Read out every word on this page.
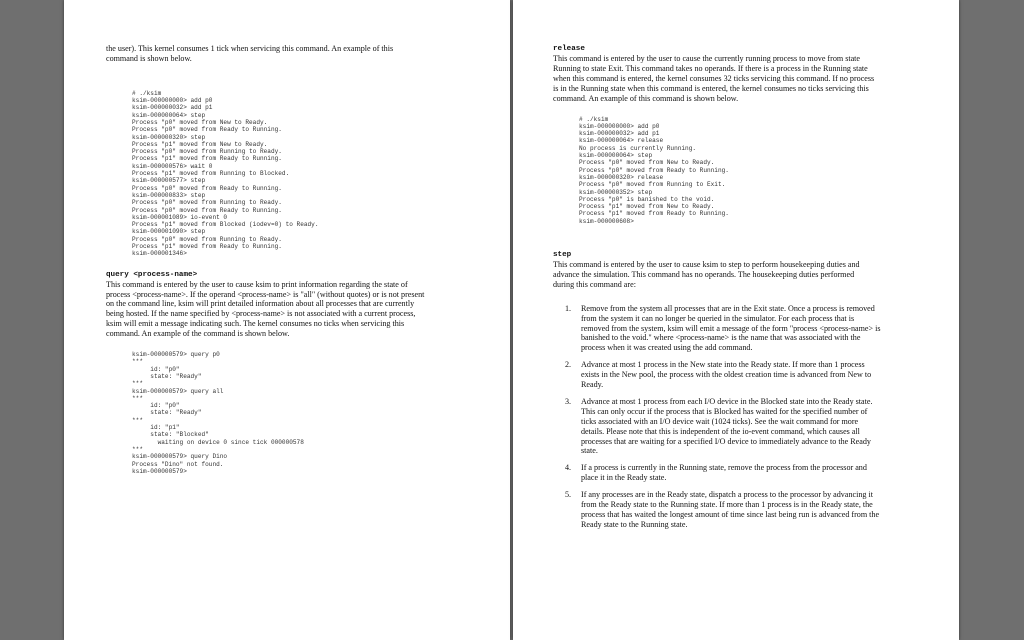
the user). This kernel consumes 1 tick when servicing this command. An example of this

command is shown below.

# ./ksim
ksim-000000000> add p0
ksim-000000032> add p1
ksim-000000064> step
Process "p0" moved from New to Ready.
Process "p0" moved from Ready to Running.
ksim-000000320> step
Process "p1" moved from New to Ready.
Process "p0" moved from Running to Ready.
Process "p1" moved from Ready to Running.
ksim-000000576> wait 0
Process "p1" moved from Running to Blocked.
ksim-000000577> step
Process "p0" moved from Ready to Running.
ksim-000000833> step
Process "p0" moved from Running to Ready.
Process "p0" moved from Ready to Running.
ksim-000001089> io-event 0
Process "p1" moved from Blocked (iodev=0) to Ready.
ksim-000001090> step
Process "p0" moved from Running to Ready.
Process "p1" moved from Ready to Running.
ksim-000001346>

query <process-name>

This command is entered by the user to cause ksim to print information regarding the state of

process <process-name>. If the operand <process-name> is "all" (without quotes) or is not present

on the command line, ksim will print detailed information about all processes that are currently

being hosted. If the name specified by <process-name> is not associated with a current process,

ksim will emit a message indicating such. The kernel consumes no ticks when servicing this

command. An example of the command is shown below.

ksim-000000579> query p0
***
id: "p0"
state: "Ready"
***
ksim-000000579> query all
***
id: "p0"
state: "Ready"
***
id: "p1"
state: "Blocked"
waiting on device 0 since tick 000000578
***
ksim-000000579> query Dino
Process "Dino" not found.
ksim-000000579>

release

This command is entered by the user to cause the currently running process to move from state

Running to state Exit. This command takes no operands. If there is a process in the Running state

when this command is entered, the kernel consumes 32 ticks servicing this command. If no process

is in the Running state when this command is entered, the kernel consumes no ticks servicing this

command. An example of this command is shown below.

# ./ksim
ksim-000000000> add p0
ksim-000000032> add p1
ksim-000000064> release
No process is currently Running.
ksim-000000064> step
Process "p0" moved from New to Ready.
Process "p0" moved from Ready to Running.
ksim-000000320> release
Process "p0" moved from Running to Exit.
ksim-000000352> step
Process "p0" is banished to the void.
Process "p1" moved from New to Ready.
Process "p1" moved from Ready to Running.
ksim-000000608>

step

This command is entered by the user to cause ksim to step to perform housekeeping duties and

advance the simulation. This command has no operands. The housekeeping duties performed

during this command are:

1. Remove from the system all processes that are in the Exit state. Once a process is removed

from the system it can no longer be queried in the simulator. For each process that is

removed from the system, ksim will emit a message of the form "process <process-name> is

banished to the void." where <process-name> is the name that was associated with the

process when it was created using the add command.

2. Advance at most 1 process in the New state into the Ready state. If more than 1 process

exists in the New pool, the process with the oldest creation time is advanced from New to

Ready.

3. Advance at most 1 process from each I/O device in the Blocked state into the Ready state.

This can only occur if the process that is Blocked has waited for the specified number of

ticks associated with an I/O device wait (1024 ticks). See the wait command for more

details. Please note that this is independent of the io-event command, which causes all

processes that are waiting for a specified I/O device to immediately advance to the Ready

state.

4. If a process is currently in the Running state, remove the process from the processor and

place it in the Ready state.

5. If any processes are in the Ready state, dispatch a process to the processor by advancing it

from the Ready state to the Running state. If more than 1 process is in the Ready state, the

process that has waited the longest amount of time since last being run is advanced from the

Ready state to the Running state.
